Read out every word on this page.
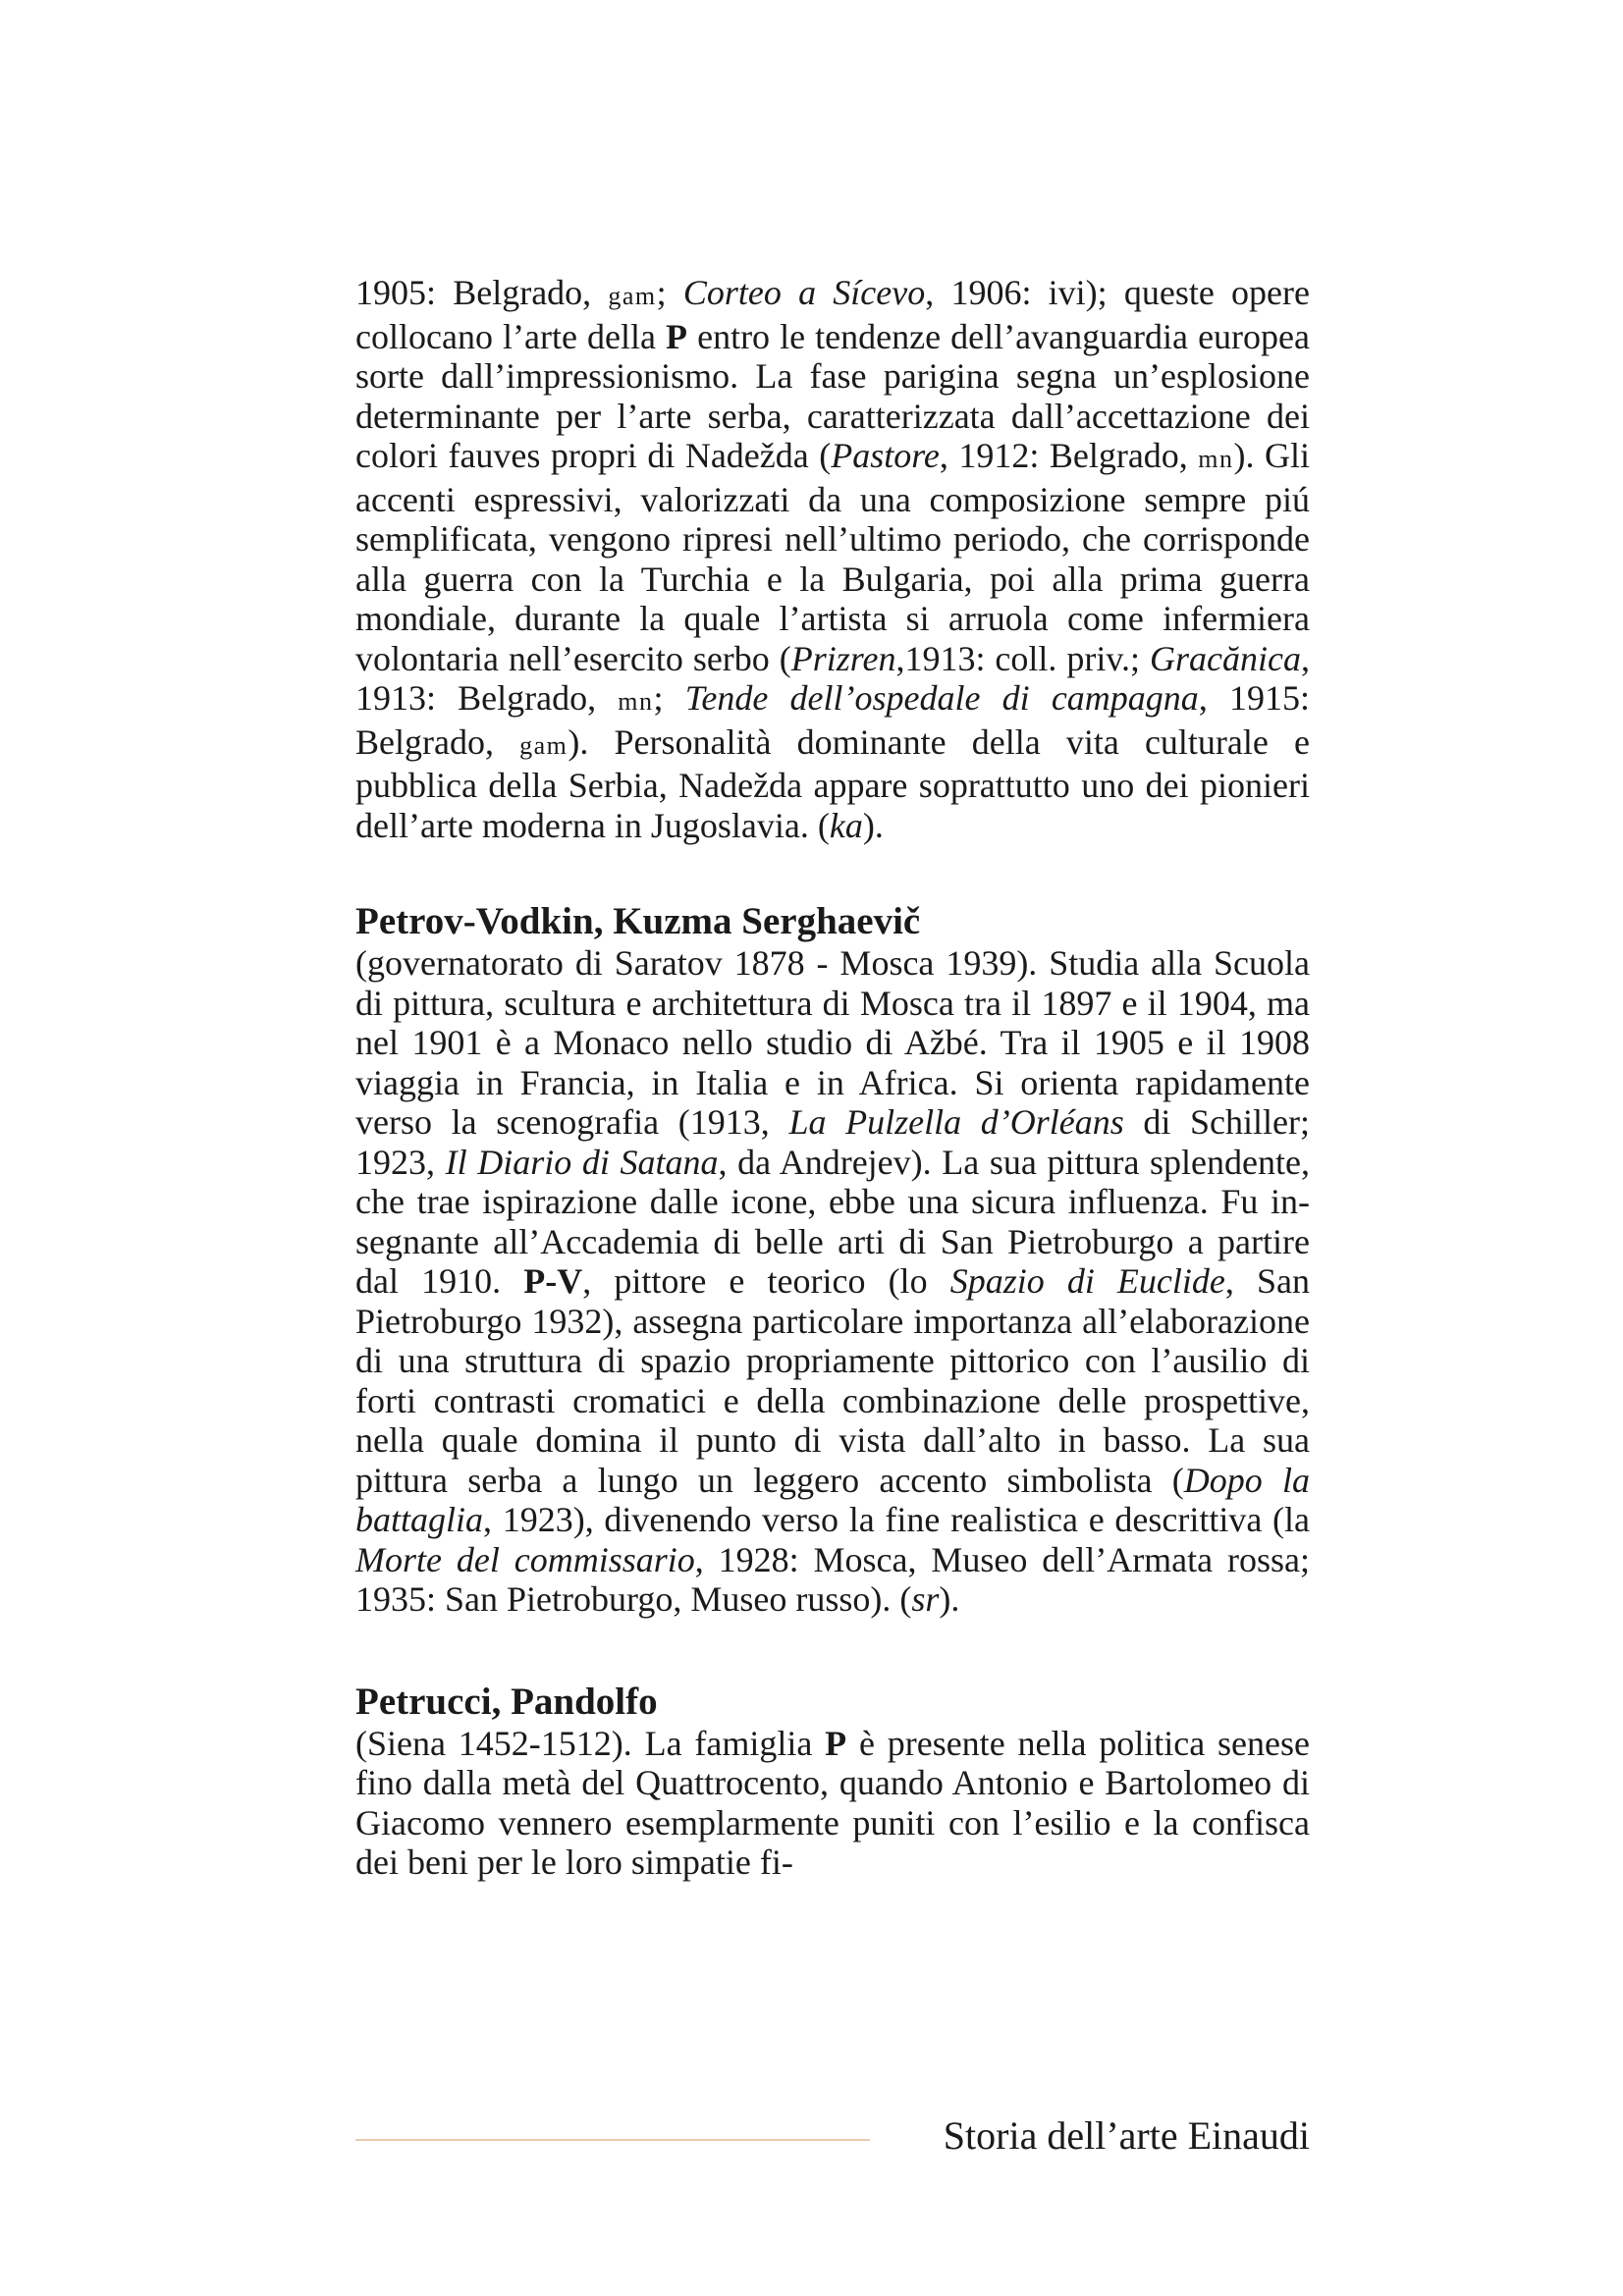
1905: Belgrado, gam; Corteo a Sícevo, 1906: ivi); queste opere collocano l’arte della P entro le tendenze dell’avanguardia europea sorte dall’impressionismo. La fase parigina segna un’esplosione determinante per l’arte serba, caratterizzata dall’accettazione dei colori fauves propri di Nadežda (Pastore, 1912: Belgrado, mn). Gli accenti espressivi, valorizzati da una composizione sempre piú semplificata, vengono ripresi nell’ultimo periodo, che corrisponde alla guerra con la Turchia e la Bulgaria, poi alla prima guerra mondiale, durante la quale l’artista si arruola come infermiera volontaria nell’esercito serbo (Prizren,1913: coll. priv.; Gracănica, 1913: Belgrado, mn; Tende dell’ospedale di campagna, 1915: Belgrado, gam). Personalità dominante della vita culturale e pubblica della Serbia, Nadežda appare soprattutto uno dei pionieri dell’arte moderna in Jugoslavia. (ka).

Petrov-Vodkin, Kuzma Serghaevič

(governatorato di Saratov 1878 - Mosca 1939). Studia alla Scuola di pittura, scultura e architettura di Mosca tra il 1897 e il 1904, ma nel 1901 è a Monaco nello studio di Ažbé. Tra il 1905 e il 1908 viaggia in Francia, in Italia e in Africa. Si orienta rapidamente verso la scenografia (1913, La Pulzella d’Orléans di Schiller; 1923, Il Diario di Satana, da Andrejev). La sua pittura splendente, che trae ispirazione dalle icone, ebbe una sicura influenza. Fu insegnante all’Accademia di belle arti di San Pietroburgo a partire dal 1910. P-V, pittore e teorico (lo Spazio di Euclide, San Pietroburgo 1932), assegna particolare importanza all’elaborazione di una struttura di spazio propriamente pittorico con l’ausilio di forti contrasti cromatici e della combinazione delle prospettive, nella quale domina il punto di vista dall’alto in basso. La sua pittura serba a lungo un leggero accento simbolista (Dopo la battaglia, 1923), divenendo verso la fine realistica e descrittiva (la Morte del commissario, 1928: Mosca, Museo dell’Armata rossa; 1935: San Pietroburgo, Museo russo). (sr).

Petrucci, Pandolfo

(Siena 1452-1512). La famiglia P è presente nella politica senese fino dalla metà del Quattrocento, quando Antonio e Bartolomeo di Giacomo vennero esemplarmente puniti con l’esilio e la confisca dei beni per le loro simpatie fi-

Storia dell’arte Einaudi
